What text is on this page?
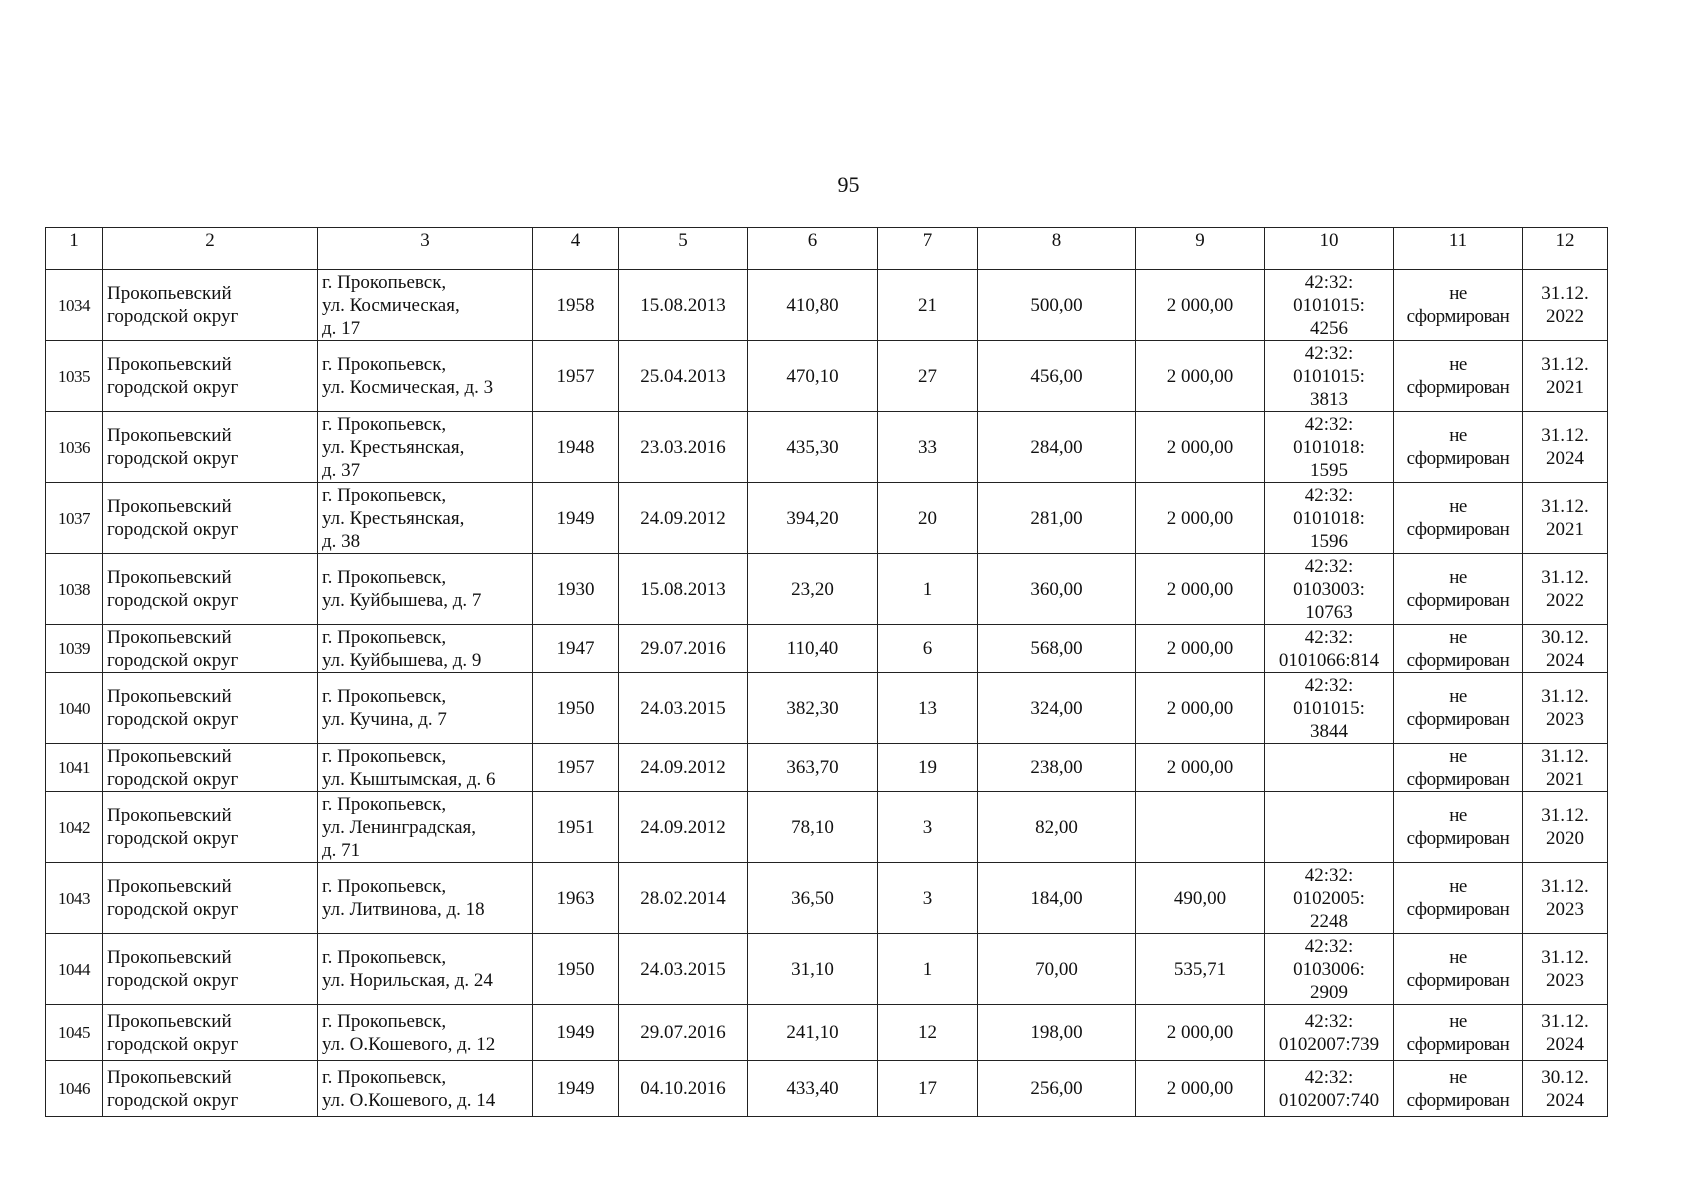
95
1	2	3	4	5	6	7	8	9	10	11	12
1034	Прокопьевский
городской округ	г. Прокопьевск,
ул. Космическая,
д. 17	1958	15.08.2013	410,80	21	500,00	2 000,00	42:32:
0101015:
4256	не
сформирован	31.12.
2022

1035	Прокопьевский
городской округ	г. Прокопьевск,
ул. Космическая, д. 3	1957	25.04.2013	470,10	27	456,00	2 000,00	42:32:
0101015:
3813	не
сформирован	31.12.
2021

1036	Прокопьевский
городской округ	г. Прокопьевск,
ул. Крестьянская,
д. 37	1948	23.03.2016	435,30	33	284,00	2 000,00	42:32:
0101018:
1595	не
сформирован	31.12.
2024

1037	Прокопьевский
городской округ	г. Прокопьевск,
ул. Крестьянская,
д. 38	1949	24.09.2012	394,20	20	281,00	2 000,00	42:32:
0101018:
1596	не
сформирован	31.12.
2021

1038	Прокопьевский
городской округ	г. Прокопьевск,
ул. Куйбышева, д. 7	1930	15.08.2013	23,20	1	360,00	2 000,00	42:32:
0103003:
10763	не
сформирован	31.12.
2022

1039	Прокопьевский
городской округ	г. Прокопьевск,
ул. Куйбышева, д. 9	1947	29.07.2016	110,40	6	568,00	2 000,00	42:32:
0101066:814	не
сформирован	30.12.
2024

1040	Прокопьевский
городской округ	г. Прокопьевск,
ул. Кучина, д. 7	1950	24.03.2015	382,30	13	324,00	2 000,00	42:32:
0101015:
3844	не
сформирован	31.12.
2023

1041	Прокопьевский
городской округ	г. Прокопьевск,
ул. Кыштымская, д. 6	1957	24.09.2012	363,70	19	238,00	2 000,00		не
сформирован	31.12.
2021

1042	Прокопьевский
городской округ	г. Прокопьевск,
ул. Ленинградская,
д. 71	1951	24.09.2012	78,10	3	82,00			не
сформирован	31.12.
2020

1043	Прокопьевский
городской округ	г. Прокопьевск,
ул. Литвинова, д. 18	1963	28.02.2014	36,50	3	184,00	490,00	42:32:
0102005:
2248	не
сформирован	31.12.
2023

1044	Прокопьевский
городской округ	г. Прокопьевск,
ул. Норильская, д. 24	1950	24.03.2015	31,10	1	70,00	535,71	42:32:
0103006:
2909	не
сформирован	31.12.
2023

1045	Прокопьевский
городской округ	г. Прокопьевск,
ул. О.Кошевого, д. 12	1949	29.07.2016	241,10	12	198,00	2 000,00	42:32:
0102007:739	не
сформирован	31.12.
2024

1046	Прокопьевский
городской округ	г. Прокопьевск,
ул. О.Кошевого, д. 14	1949	04.10.2016	433,40	17	256,00	2 000,00	42:32:
0102007:740	не
сформирован	30.12.
2024
